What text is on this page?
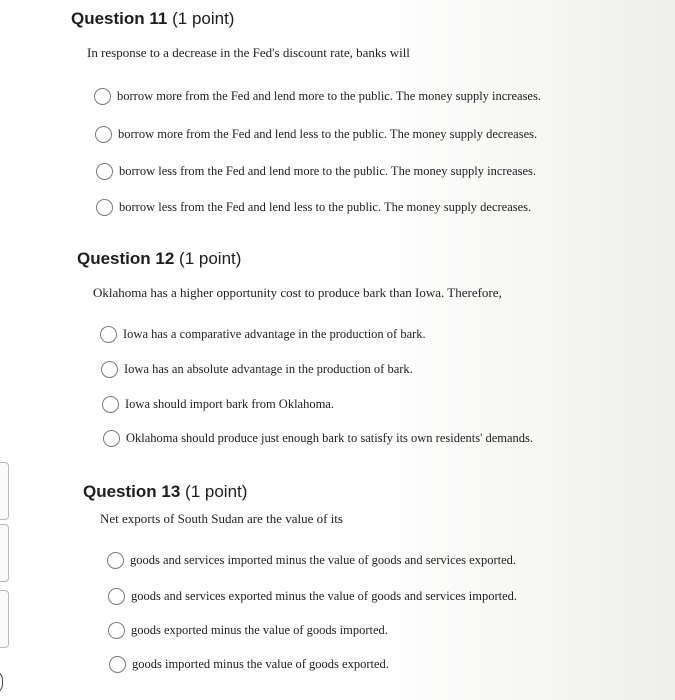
Question 11 (1 point)
In response to a decrease in the Fed's discount rate, banks will
borrow more from the Fed and lend more to the public. The money supply increases.
borrow more from the Fed and lend less to the public. The money supply decreases.
borrow less from the Fed and lend more to the public. The money supply increases.
borrow less from the Fed and lend less to the public. The money supply decreases.
Question 12 (1 point)
Oklahoma has a higher opportunity cost to produce bark than Iowa. Therefore,
Iowa has a comparative advantage in the production of bark.
Iowa has an absolute advantage in the production of bark.
Iowa should import bark from Oklahoma.
Oklahoma should produce just enough bark to satisfy its own residents' demands.
Question 13 (1 point)
Net exports of South Sudan are the value of its
goods and services imported minus the value of goods and services exported.
goods and services exported minus the value of goods and services imported.
goods exported minus the value of goods imported.
goods imported minus the value of goods exported.
